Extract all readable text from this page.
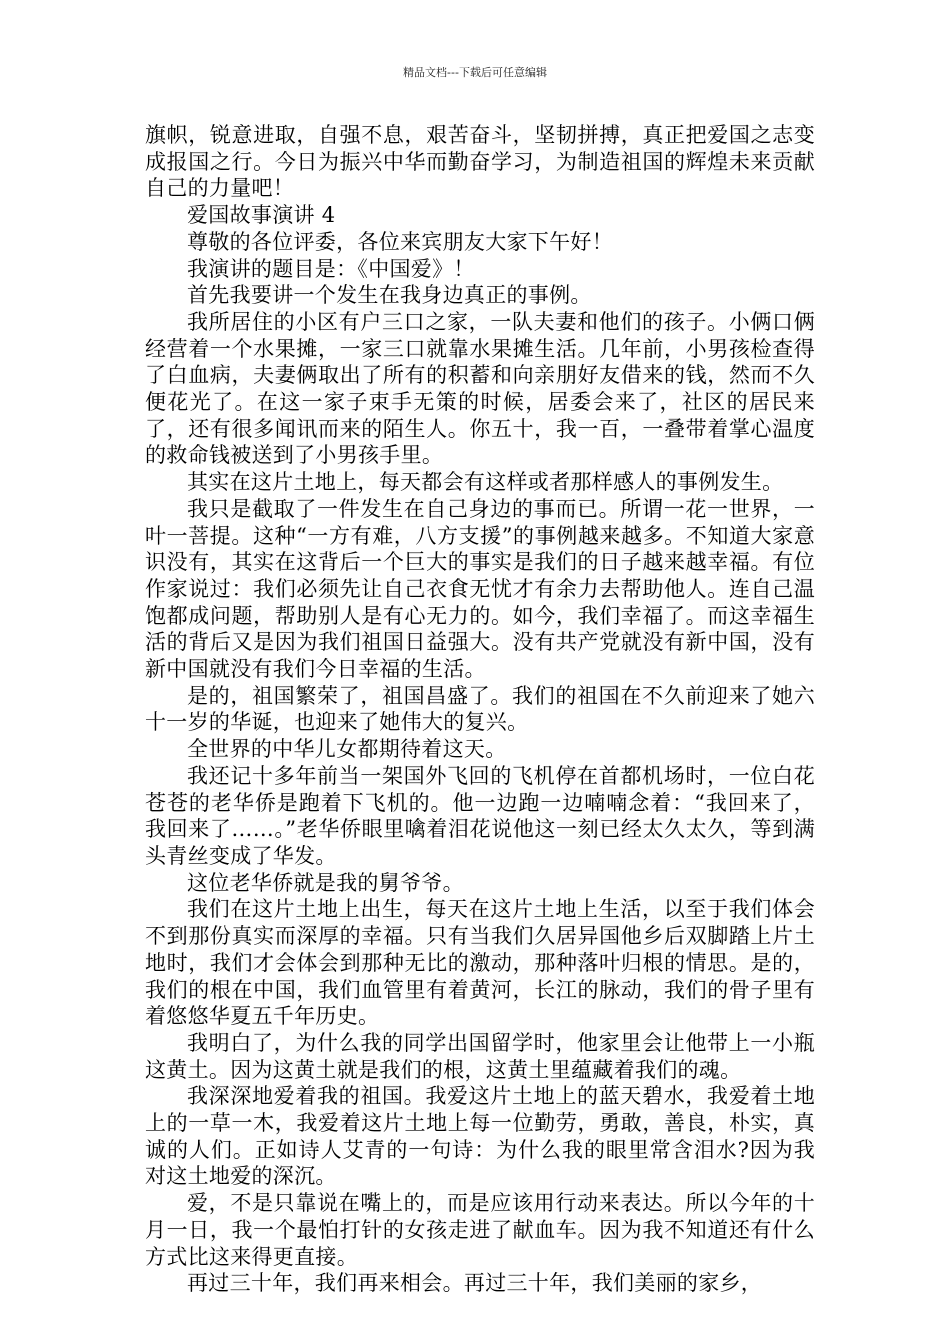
精品文档---下载后可任意编辑

旗帜，锐意进取，自强不息，艰苦奋斗，坚韧拼搏，真正把爱国之志变成报国之行。今日为振兴中华而勤奋学习，为制造祖国的辉煌未来贡献自己的力量吧！

爱国故事演讲 4

尊敬的各位评委，各位来宾朋友大家下午好！

我演讲的题目是：《中国爱》！

首先我要讲一个发生在我身边真正的事例。

我所居住的小区有户三口之家，一队夫妻和他们的孩子。小俩口俩经营着一个水果摊，一家三口就靠水果摊生活。几年前，小男孩检查得了白血病，夫妻俩取出了所有的积蓄和向亲朋好友借来的钱，然而不久便花光了。在这一家子束手无策的时候，居委会来了，社区的居民来了，还有很多闻讯而来的陌生人。你五十，我一百，一叠带着掌心温度的救命钱被送到了小男孩手里。

其实在这片土地上，每天都会有这样或者那样感人的事例发生。

我只是截取了一件发生在自己身边的事而已。所谓一花一世界，一叶一菩提。这种“一方有难，八方支援”的事例越来越多。不知道大家意识没有，其实在这背后一个巨大的事实是我们的日子越来越幸福。有位作家说过：我们必须先让自己衣食无忧才有余力去帮助他人。连自己温饱都成问题，帮助别人是有心无力的。如今，我们幸福了。而这幸福生活的背后又是因为我们祖国日益强大。没有共产党就没有新中国，没有新中国就没有我们今日幸福的生活。

是的，祖国繁荣了，祖国昌盛了。我们的祖国在不久前迎来了她六十一岁的华诞，也迎来了她伟大的复兴。

全世界的中华儿女都期待着这天。

我还记十多年前当一架国外飞回的飞机停在首都机场时，一位白花苍苍的老华侨是跑着下飞机的。他一边跑一边喃喃念着：“我回来了，我回来了……。”老华侨眼里噙着泪花说他这一刻已经太久太久，等到满头青丝变成了华发。

这位老华侨就是我的舅爷爷。

我们在这片土地上出生，每天在这片土地上生活，以至于我们体会不到那份真实而深厚的幸福。只有当我们久居异国他乡后双脚踏上片土地时，我们才会体会到那种无比的激动，那种落叶归根的情思。是的，我们的根在中国，我们血管里有着黄河，长江的脉动，我们的骨子里有着悠悠华夏五千年历史。

我明白了，为什么我的同学出国留学时，他家里会让他带上一小瓶这黄土。因为这黄土就是我们的根，这黄土里蕴藏着我们的魂。

我深深地爱着我的祖国。我爱这片土地上的蓝天碧水，我爱着土地上的一草一木，我爱着这片土地上每一位勤劳，勇敢，善良，朴实，真诚的人们。正如诗人艾青的一句诗：为什么我的眼里常含泪水?因为我对这土地爱的深沉。

爱，不是只靠说在嘴上的，而是应该用行动来表达。所以今年的十月一日，我一个最怕打针的女孩走进了献血车。因为我不知道还有什么方式比这来得更直接。

再过三十年，我们再来相会。再过三十年，我们美丽的家乡，
